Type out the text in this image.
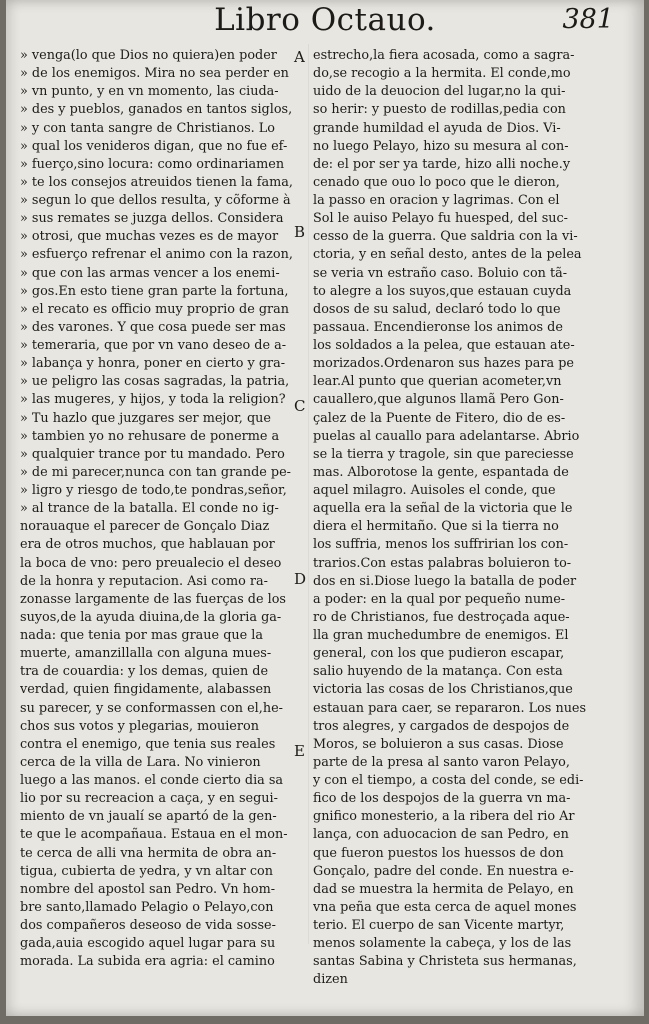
Libro Octauo.	381
» venga(lo que Dios no quiera)en poder
» de los enemigos. Mira no sea perder en
» vn punto, y en vn momento, las ciuda-
» des y pueblos, ganados en tantos siglos,
» y con tanta sangre de Christianos. Lo
» qual los venideros digan, que no fue ef-
» fuerço,sino locura: como ordinariamen
» te los consejos atreuidos tienen la fama,
» segun lo que dellos resulta, y cõforme à
» sus remates se juzga dellos. Considera
» otrosi, que muchas vezes es de mayor
» esfuerço refrenar el animo con la razon,
» que con las armas vencer a los enemi-
» gos.En esto tiene gran parte la fortuna,
» el recato es officio muy proprio de gran
» des varones. Y que cosa puede ser mas
» temeraria, que por vn vano deseo de a-
» labança y honra, poner en cierto y gra-
» ue peligro las cosas sagradas, la patria,
» las mugeres, y hijos, y toda la religion?
» Tu hazlo que juzgares ser mejor, que
» tambien yo no rehusare de ponerme a
» qualquier trance por tu mandado. Pero
» de mi parecer,nunca con tan grande pe-
» ligro y riesgo de todo,te pondras,señor,
» al trance de la batalla. El conde no ig-
norauaque el parecer de Gonçalo Diaz
era de otros muchos, que hablauan por
la boca de vno: pero preualecio el deseo
de la honra y reputacion. Asi como ra-
zonasse largamente de las fuerças de los
suyos,de la ayuda diuina,de la gloria ga-
nada: que tenia por mas graue que la
muerte, amanzillalla con alguna mues-
tra de couardia: y los demas, quien de
verdad, quien fingidamente, alabassen
su parecer, y se conformassen con el,he-
chos sus votos y plegarias, mouieron
contra el enemigo, que tenia sus reales
cerca de la villa de Lara. No vinieron
luego a las manos. el conde cierto dia sa
lio por su recreacion a caça, y en segui-
miento de vn jaualí se apartó de la gen-
te que le acompañaua. Estaua en el mon-
te cerca de alli vna hermita de obra an-
tigua, cubierta de yedra, y vn altar con
nombre del apostol san Pedro. Vn hom-
bre santo,llamado Pelagio o Pelayo,con
dos compañeros deseoso de vida sosse-
gada,auia escogido aquel lugar para su
morada. La subida era agria: el camino
estrecho,la fiera acosada, como a sagra-
do,se recogio a la hermita. El conde,mo
uido de la deuocion del lugar,no la qui-
so herir: y puesto de rodillas,pedia con
grande humildad el ayuda de Dios. Vi-
no luego Pelayo, hizo su mesura al con-
de: el por ser ya tarde, hizo alli noche.y
cenado que ouo lo poco que le dieron,
la passo en oracion y lagrimas. Con el
Sol le auiso Pelayo fu huesped, del suc-
cesso de la guerra. Que saldria con la vi-
ctoria, y en señal desto, antes de la pelea
se veria vn estraño caso. Boluio con tã-
to alegre a los suyos,que estauan cuyda
dosos de su salud, declaró todo lo que
passaua. Encendieronse los animos de
los soldados a la pelea, que estauan ate-
morizados.Ordenaron sus hazes para pe
lear.Al punto que querian acometer,vn
cauallero,que algunos llamã Pero Gon-
çalez de la Puente de Fitero, dio de es-
puelas al cauallo para adelantarse. Abrio
se la tierra y tragole, sin que pareciesse
mas. Alborotose la gente, espantada de
aquel milagro. Auisoles el conde, que
aquella era la señal de la victoria que le
diera el hermitaño. Que si la tierra no
los suffria, menos los suffririan los con-
trarios.Con estas palabras boluieron to-
dos en si.Diose luego la batalla de poder
a poder: en la qual por pequeño nume-
ro de Christianos, fue destroçada aque-
lla gran muchedumbre de enemigos. El
general, con los que pudieron escapar,
salio huyendo de la matança. Con esta
victoria las cosas de los Christianos,que
estauan para caer, se repararon. Los nues
tros alegres, y cargados de despojos de
Moros, se boluieron a sus casas. Diose
parte de la presa al santo varon Pelayo,
y con el tiempo, a costa del conde, se edi-
fico de los despojos de la guerra vn ma-
gnifico monesterio, a la ribera del rio Ar
lança, con aduocacion de san Pedro, en
que fueron puestos los huessos de don
Gonçalo, padre del conde. En nuestra e-
dad se muestra la hermita de Pelayo, en
vna peña que esta cerca de aquel mones
terio. El cuerpo de san Vicente martyr,
menos solamente la cabeça, y los de las
santas Sabina y Christeta sus hermanas,
dizen
A
B
C
D
E
